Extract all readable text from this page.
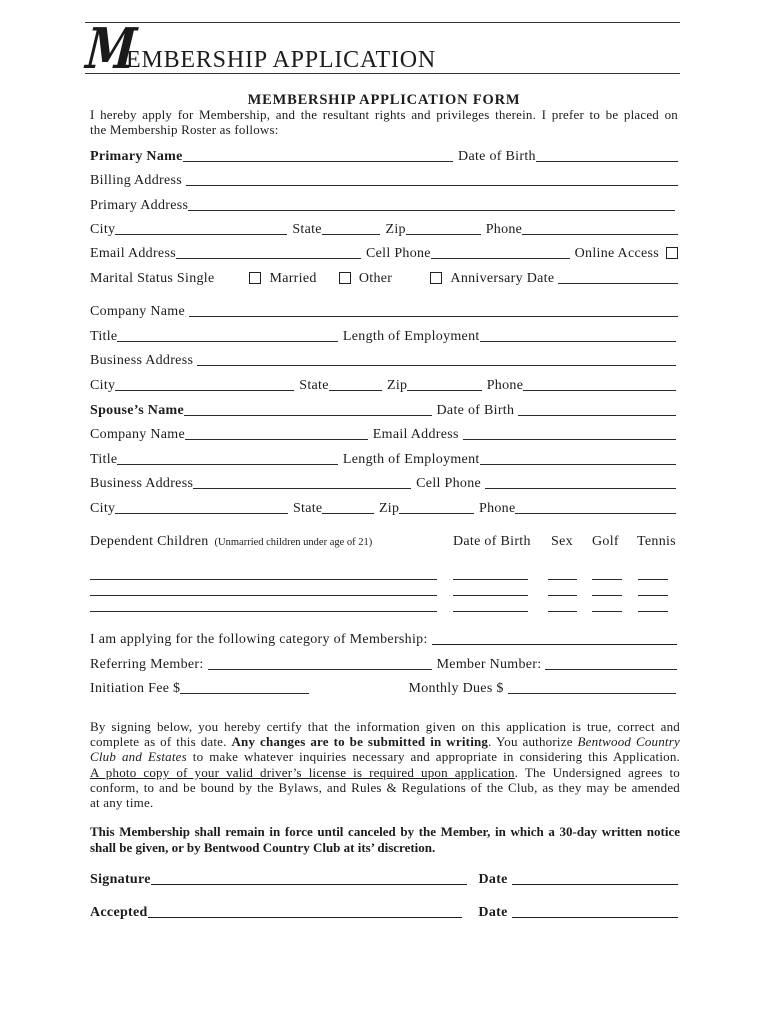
M
EMBERSHIP APPLICATION
MEMBERSHIP APPLICATION FORM
I hereby apply for Membership, and the resultant rights and privileges therein. I prefer to be placed on
the Membership Roster as follows:
Primary Name	Date of Birth
Billing Address
Primary Address
City	State	Zip	Phone
Email Address	Cell Phone	Online Access
Marital Status Single	Married	Other	Anniversary Date
Company Name
Title	Length of Employment
Business Address
City	State	Zip	Phone
Spouse’s Name	Date of Birth
Company Name	Email Address
Title	Length of Employment
Business Address	Cell Phone
City	State	Zip	Phone
Dependent Children (Unmarried children under age of 21)	Date of Birth Sex Golf Tennis
I am applying for the following category of Membership:
Referring Member:	Member Number:
Initiation Fee $	Monthly Dues $
By signing below, you hereby certify that the information given on this application is true, correct and
complete as of this date. Any changes are to be submitted in writing. You authorize Bentwood Country
Club and Estates to make whatever inquiries necessary and appropriate in considering this Application.
A photo copy of your valid driver’s license is required upon application. The Undersigned agrees to
conform, to and be bound by the Bylaws, and Rules & Regulations of the Club, as they may be amended
at any time.
This Membership shall remain in force until canceled by the Member, in which a 30-day written notice
shall be given, or by Bentwood Country Club at its’ discretion.
Signature	Date
Accepted	Date
